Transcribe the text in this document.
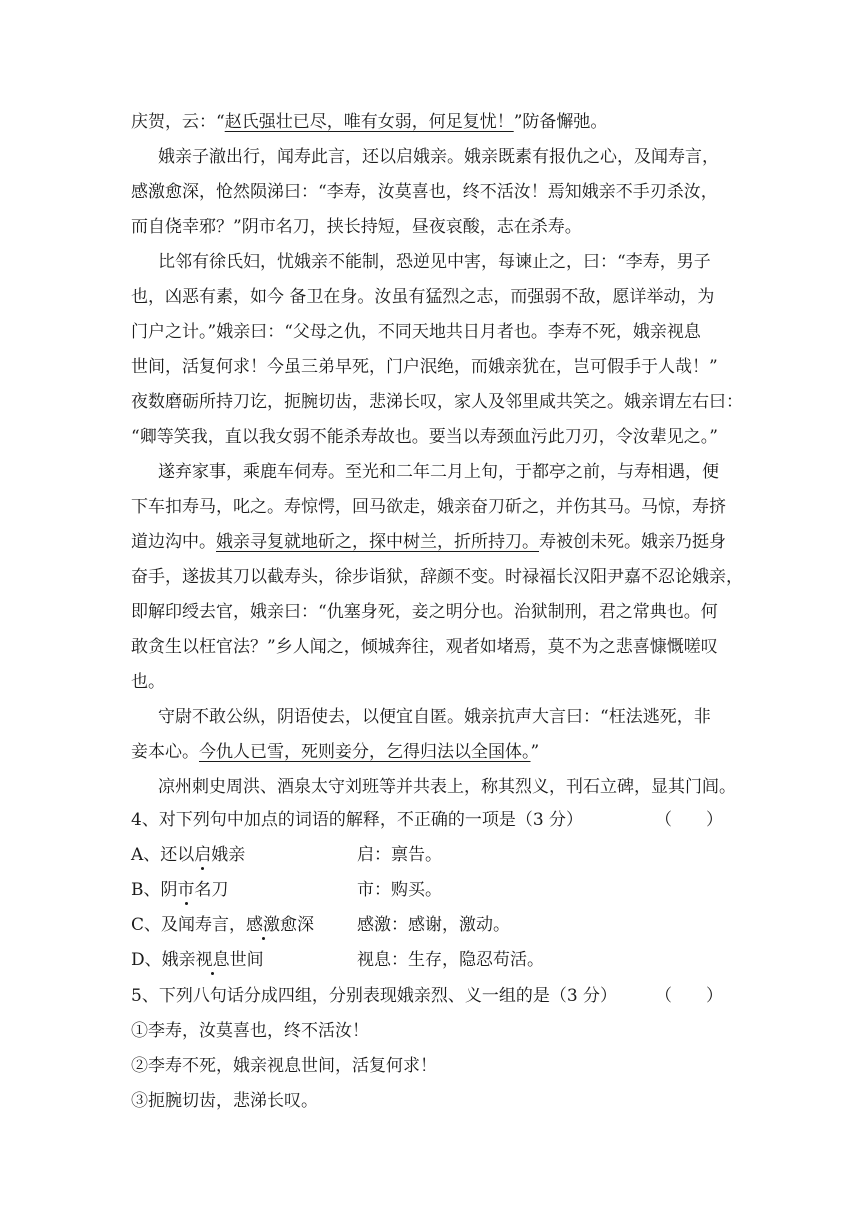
庆贺，云：“赵氏强壮已尽，唯有女弱，何足复忧！”防备懈弛。
娥亲子澈出行，闻寿此言，还以启娥亲。娥亲既素有报仇之心，及闻寿言，
感激愈深，怆然陨涕曰：“李寿，汝莫喜也，终不活汝！焉知娥亲不手刃杀汝，
而自侥幸邪？”阴市名刀，挟长持短，昼夜哀酸，志在杀寿。
比邻有徐氏妇，忧娥亲不能制，恐逆见中害，每谏止之，曰：“李寿，男子
也，凶恶有素，如今 备卫在身。汝虽有猛烈之志，而强弱不敌，愿详举动，为
门户之计。”娥亲曰：“父母之仇，不同天地共日月者也。李寿不死，娥亲视息
世间，活复何求！今虽三弟早死，门户泯绝，而娥亲犹在，岂可假手于人哉！”
夜数磨砺所持刀讫，扼腕切齿，悲涕长叹，家人及邻里咸共笑之。娥亲谓左右曰：
“卿等笑我，直以我女弱不能杀寿故也。要当以寿颈血污此刀刃，令汝辈见之。”
遂弃家事，乘鹿车伺寿。至光和二年二月上旬，于都亭之前，与寿相遇，便
下车扣寿马，叱之。寿惊愕，回马欲走，娥亲奋刀斫之，并伤其马。马惊，寿挤
道边沟中。娥亲寻复就地斫之，探中树兰，折所持刀。寿被创未死。娥亲乃挺身
奋手，遂拔其刀以截寿头，徐步诣狱，辞颜不变。时禄福长汉阳尹嘉不忍论娥亲，
即解印绶去官，娥亲曰：“仇塞身死，妾之明分也。治狱制刑，君之常典也。何
敢贪生以枉官法？”乡人闻之，倾城奔往，观者如堵焉，莫不为之悲喜慷慨嗟叹
也。
守尉不敢公纵，阴语使去，以便宜自匿。娥亲抗声大言曰：“枉法逃死，非
妾本心。今仇人已雪，死则妾分，乞得归法以全国体。”
凉州刺史周洪、酒泉太守刘班等并共表上，称其烈义，刊石立碑，显其门闾。
4、对下列句中加点的词语的解释，不正确的一项是（3 分）	（　　）
A、还以启娥亲	启：禀告。
B、阴市名刀	市：购买。
C、及闻寿言，感激愈深	感激：感谢，激动。
D、娥亲视息世间	视息：生存，隐忍苟活。
5、下列八句话分成四组，分别表现娥亲烈、义一组的是（3 分） （　　）
①李寿，汝莫喜也，终不活汝！
②李寿不死，娥亲视息世间，活复何求！
③扼腕切齿，悲涕长叹。
